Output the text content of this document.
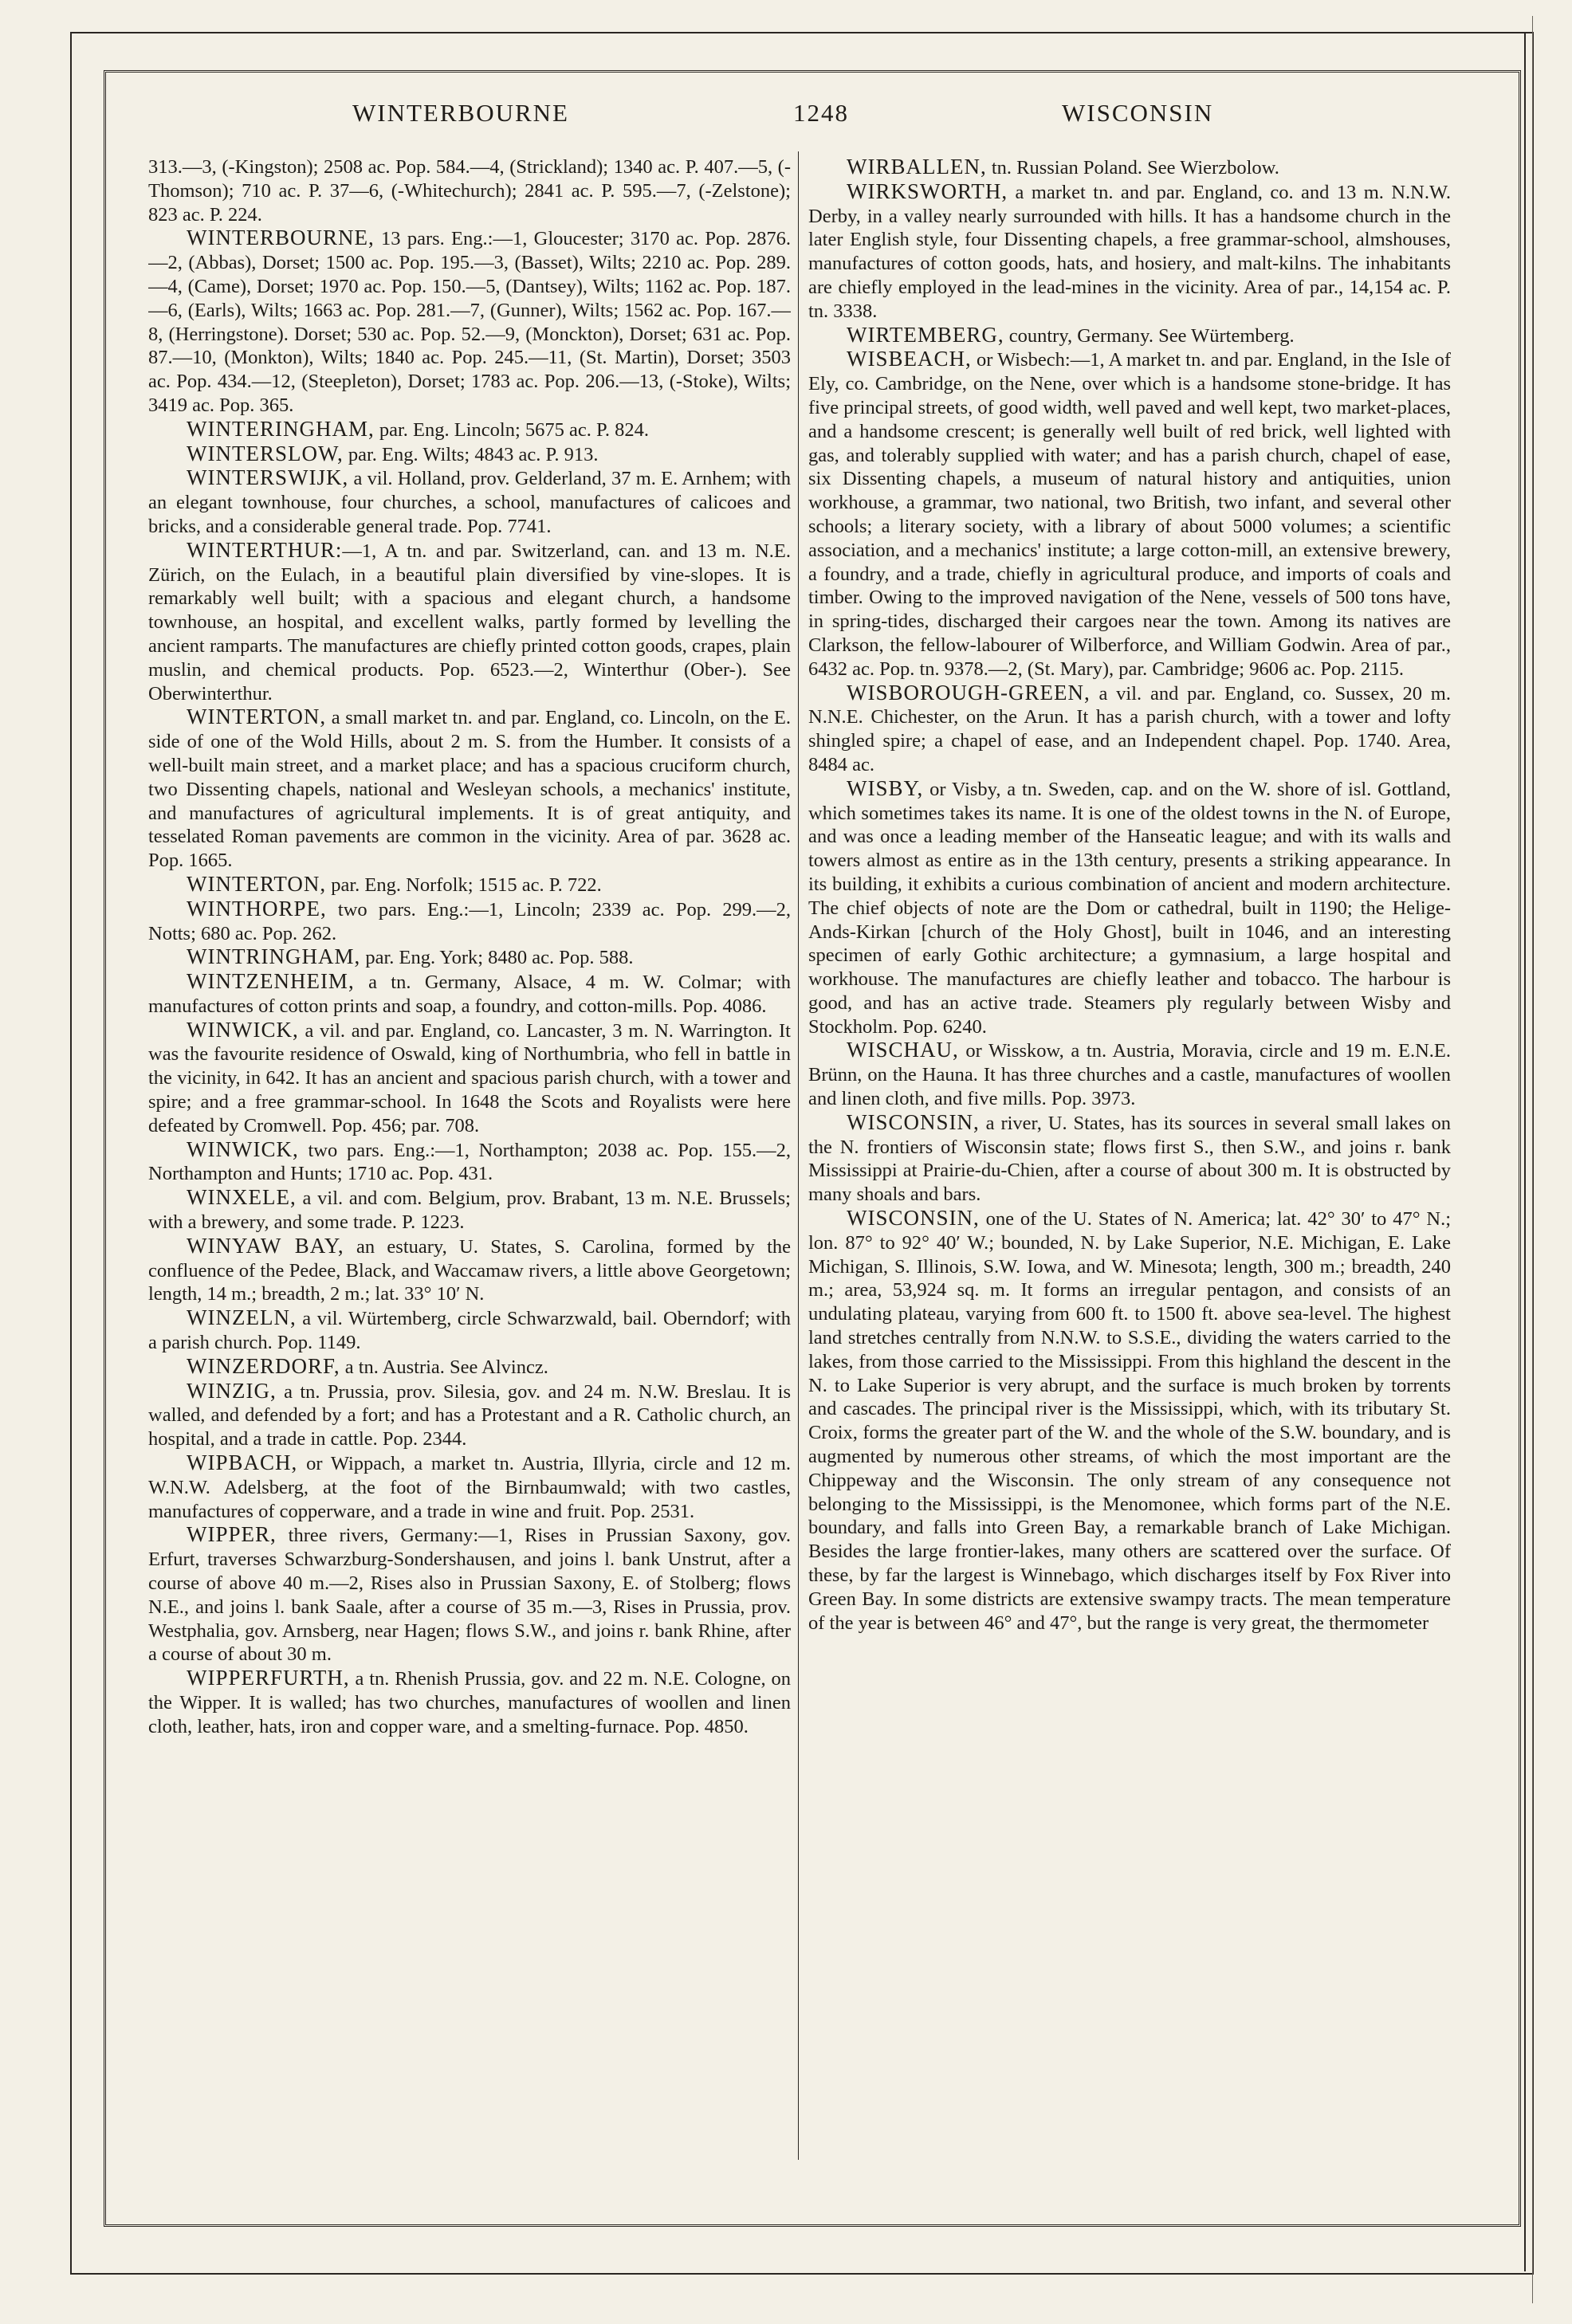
WINTERBOURNE	1248	WISCONSIN

313.—3, (-Kingston); 2508 ac. Pop. 584.—4, (Strickland); 1340 ac. P. 407.—5, (-Thomson); 710 ac. P. 37—6, (-Whitechurch); 2841 ac. P. 595.—7, (-Zelstone); 823 ac. P. 224.

WINTERBOURNE, 13 pars. Eng.:—1, Gloucester; 3170 ac. Pop. 2876.—2, (Abbas), Dorset; 1500 ac. Pop. 195.—3, (Basset), Wilts; 2210 ac. Pop. 289.—4, (Came), Dorset; 1970 ac. Pop. 150.—5, (Dantsey), Wilts; 1162 ac. Pop. 187.—6, (Earls), Wilts; 1663 ac. Pop. 281.—7, (Gunner), Wilts; 1562 ac. Pop. 167.—8, (Herringstone). Dorset; 530 ac. Pop. 52.—9, (Monckton), Dorset; 631 ac. Pop. 87.—10, (Monkton), Wilts; 1840 ac. Pop. 245.—11, (St. Martin), Dorset; 3503 ac. Pop. 434.—12, (Steepleton), Dorset; 1783 ac. Pop. 206.—13, (-Stoke), Wilts; 3419 ac. Pop. 365.

WINTERINGHAM, par. Eng. Lincoln; 5675 ac. P. 824.

WINTERSLOW, par. Eng. Wilts; 4843 ac. P. 913.

WINTERSWIJK, a vil. Holland, prov. Gelderland, 37 m. E. Arnhem; with an elegant townhouse, four churches, a school, manufactures of calicoes and bricks, and a considerable general trade. Pop. 7741.

WINTERTHUR:—1, A tn. and par. Switzerland, can. and 13 m. N.E. Zürich, on the Eulach, in a beautiful plain diversified by vine-slopes. It is remarkably well built; with a spacious and elegant church, a handsome townhouse, an hospital, and excellent walks, partly formed by levelling the ancient ramparts. The manufactures are chiefly printed cotton goods, crapes, plain muslin, and chemical products. Pop. 6523.—2, Winterthur (Ober-). See Oberwinterthur.

WINTERTON, a small market tn. and par. England, co. Lincoln, on the E. side of one of the Wold Hills, about 2 m. S. from the Humber. It consists of a well-built main street, and a market place; and has a spacious cruciform church, two Dissenting chapels, national and Wesleyan schools, a mechanics' institute, and manufactures of agricultural implements. It is of great antiquity, and tesselated Roman pavements are common in the vicinity. Area of par. 3628 ac. Pop. 1665.

WINTERTON, par. Eng. Norfolk; 1515 ac. P. 722.

WINTHORPE, two pars. Eng.:—1, Lincoln; 2339 ac. Pop. 299.—2, Notts; 680 ac. Pop. 262.

WINTRINGHAM, par. Eng. York; 8480 ac. Pop. 588.

WINTZENHEIM, a tn. Germany, Alsace, 4 m. W. Colmar; with manufactures of cotton prints and soap, a foundry, and cotton-mills. Pop. 4086.

WINWICK, a vil. and par. England, co. Lancaster, 3 m. N. Warrington. It was the favourite residence of Oswald, king of Northumbria, who fell in battle in the vicinity, in 642. It has an ancient and spacious parish church, with a tower and spire; and a free grammar-school. In 1648 the Scots and Royalists were here defeated by Cromwell. Pop. 456; par. 708.

WINWICK, two pars. Eng.:—1, Northampton; 2038 ac. Pop. 155.—2, Northampton and Hunts; 1710 ac. Pop. 431.

WINXELE, a vil. and com. Belgium, prov. Brabant, 13 m. N.E. Brussels; with a brewery, and some trade. P. 1223.

WINYAW BAY, an estuary, U. States, S. Carolina, formed by the confluence of the Pedee, Black, and Waccamaw rivers, a little above Georgetown; length, 14 m.; breadth, 2 m.; lat. 33° 10′ N.

WINZELN, a vil. Würtemberg, circle Schwarzwald, bail. Oberndorf; with a parish church. Pop. 1149.

WINZERDORF, a tn. Austria. See Alvincz.

WINZIG, a tn. Prussia, prov. Silesia, gov. and 24 m. N.W. Breslau. It is walled, and defended by a fort; and has a Protestant and a R. Catholic church, an hospital, and a trade in cattle. Pop. 2344.

WIPBACH, or Wippach, a market tn. Austria, Illyria, circle and 12 m. W.N.W. Adelsberg, at the foot of the Birnbaumwald; with two castles, manufactures of copperware, and a trade in wine and fruit. Pop. 2531.

WIPPER, three rivers, Germany:—1, Rises in Prussian Saxony, gov. Erfurt, traverses Schwarzburg-Sondershausen, and joins l. bank Unstrut, after a course of above 40 m.—2, Rises also in Prussian Saxony, E. of Stolberg; flows N.E., and joins l. bank Saale, after a course of 35 m.—3, Rises in Prussia, prov. Westphalia, gov. Arnsberg, near Hagen; flows S.W., and joins r. bank Rhine, after a course of about 30 m.

WIPPERFURTH, a tn. Rhenish Prussia, gov. and 22 m. N.E. Cologne, on the Wipper. It is walled; has two churches, manufactures of woollen and linen cloth, leather, hats, iron and copper ware, and a smelting-furnace. Pop. 4850.

WIRBALLEN, tn. Russian Poland. See Wierzbolow.

WIRKSWORTH, a market tn. and par. England, co. and 13 m. N.N.W. Derby, in a valley nearly surrounded with hills. It has a handsome church in the later English style, four Dissenting chapels, a free grammar-school, almshouses, manufactures of cotton goods, hats, and hosiery, and malt-kilns. The inhabitants are chiefly employed in the lead-mines in the vicinity. Area of par., 14,154 ac. P. tn. 3338.

WIRTEMBERG, country, Germany. See Würtemberg.

WISBEACH, or Wisbech:—1, A market tn. and par. England, in the Isle of Ely, co. Cambridge, on the Nene, over which is a handsome stone-bridge. It has five principal streets, of good width, well paved and well kept, two market-places, and a handsome crescent; is generally well built of red brick, well lighted with gas, and tolerably supplied with water; and has a parish church, chapel of ease, six Dissenting chapels, a museum of natural history and antiquities, union workhouse, a grammar, two national, two British, two infant, and several other schools; a literary society, with a library of about 5000 volumes; a scientific association, and a mechanics' institute; a large cotton-mill, an extensive brewery, a foundry, and a trade, chiefly in agricultural produce, and imports of coals and timber. Owing to the improved navigation of the Nene, vessels of 500 tons have, in spring-tides, discharged their cargoes near the town. Among its natives are Clarkson, the fellow-labourer of Wilberforce, and William Godwin. Area of par., 6432 ac. Pop. tn. 9378.—2, (St. Mary), par. Cambridge; 9606 ac. Pop. 2115.

WISBOROUGH-GREEN, a vil. and par. England, co. Sussex, 20 m. N.N.E. Chichester, on the Arun. It has a parish church, with a tower and lofty shingled spire; a chapel of ease, and an Independent chapel. Pop. 1740. Area, 8484 ac.

WISBY, or Visby, a tn. Sweden, cap. and on the W. shore of isl. Gottland, which sometimes takes its name. It is one of the oldest towns in the N. of Europe, and was once a leading member of the Hanseatic league; and with its walls and towers almost as entire as in the 13th century, presents a striking appearance. In its building, it exhibits a curious combination of ancient and modern architecture. The chief objects of note are the Dom or cathedral, built in 1190; the Helige-Ands-Kirkan [church of the Holy Ghost], built in 1046, and an interesting specimen of early Gothic architecture; a gymnasium, a large hospital and workhouse. The manufactures are chiefly leather and tobacco. The harbour is good, and has an active trade. Steamers ply regularly between Wisby and Stockholm. Pop. 6240.

WISCHAU, or Wisskow, a tn. Austria, Moravia, circle and 19 m. E.N.E. Brünn, on the Hauna. It has three churches and a castle, manufactures of woollen and linen cloth, and five mills. Pop. 3973.

WISCONSIN, a river, U. States, has its sources in several small lakes on the N. frontiers of Wisconsin state; flows first S., then S.W., and joins r. bank Mississippi at Prairie-du-Chien, after a course of about 300 m. It is obstructed by many shoals and bars.

WISCONSIN, one of the U. States of N. America; lat. 42° 30′ to 47° N.; lon. 87° to 92° 40′ W.; bounded, N. by Lake Superior, N.E. Michigan, E. Lake Michigan, S. Illinois, S.W. Iowa, and W. Minesota; length, 300 m.; breadth, 240 m.; area, 53,924 sq. m. It forms an irregular pentagon, and consists of an undulating plateau, varying from 600 ft. to 1500 ft. above sea-level. The highest land stretches centrally from N.N.W. to S.S.E., dividing the waters carried to the lakes, from those carried to the Mississippi. From this highland the descent in the N. to Lake Superior is very abrupt, and the surface is much broken by torrents and cascades. The principal river is the Mississippi, which, with its tributary St. Croix, forms the greater part of the W. and the whole of the S.W. boundary, and is augmented by numerous other streams, of which the most important are the Chippeway and the Wisconsin. The only stream of any consequence not belonging to the Mississippi, is the Menomonee, which forms part of the N.E. boundary, and falls into Green Bay, a remarkable branch of Lake Michigan. Besides the large frontier-lakes, many others are scattered over the surface. Of these, by far the largest is Winnebago, which discharges itself by Fox River into Green Bay. In some districts are extensive swampy tracts. The mean temperature of the year is between 46° and 47°, but the range is very great, the thermometer
